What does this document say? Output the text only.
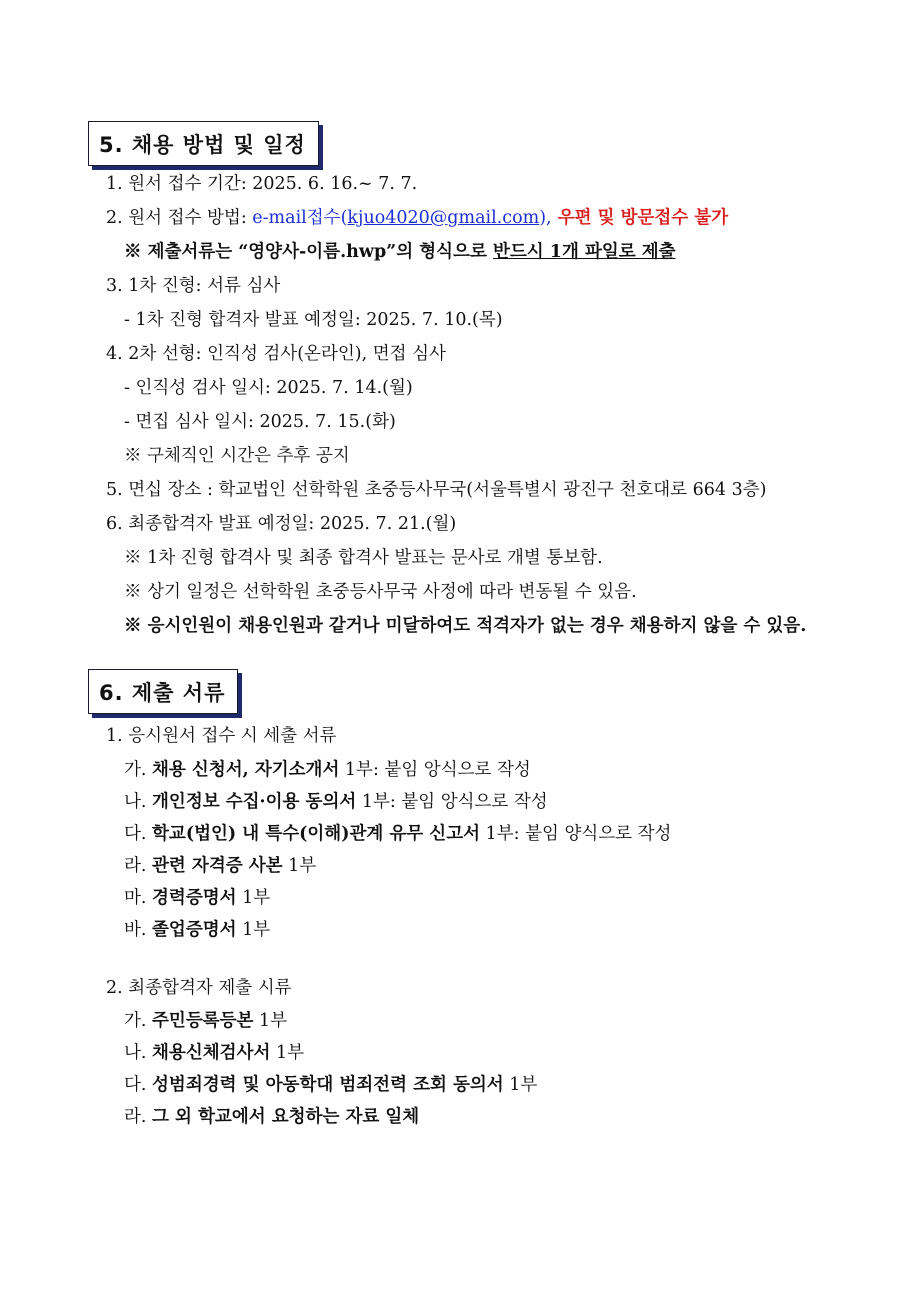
5. 채용 방법 및 일정
1. 원서 접수 기간: 2025. 6. 16.~ 7. 7.
2. 원서 접수 방법: e-mail접수(kjuo4020@gmail.com), 우편 및 방문접수 불가
※ 제출서류는 “영양사-이름.hwp”의 형식으로 반드시 1개 파일로 제출
3. 1차 진형: 서류 심사
- 1차 진형 합격자 발표 예정일: 2025. 7. 10.(목)
4. 2차 선형: 인직성 검사(온라인), 면접 심사
- 인직성 검사 일시: 2025. 7. 14.(월)
- 면집 심사 일시: 2025. 7. 15.(화)
※ 구체직인 시간은 추후 공지
5. 면십 장소 : 학교법인 선학학원 초중등사무국(서울특별시 광진구 천호대로 664 3층)
6. 최종합격자 발표 예정일: 2025. 7. 21.(월)
※ 1차 진형 합격사 및 최종 합격사 발표는 문사로 개별 통보함.
※ 상기 일정은 선학학원 초중등사무국 사정에 따라 변동될 수 있음.
※ 응시인원이 채용인원과 같거나 미달하여도 적격자가 없는 경우 채용하지 않을 수 있음.
6. 제출 서류
1. 응시원서 접수 시 세출 서류
가. 채용 신청서, 자기소개서 1부: 붙임 앙식으로 작성
나. 개인정보 수집·이용 동의서 1부: 붙임 앙식으로 작성
다. 학교(법인) 내 특수(이해)관계 유무 신고서 1부: 붙임 양식으로 작성
라. 관련 자격증 사본 1부
마. 경력증명서 1부
바. 졸업증명서 1부
2. 최종합격자 제출 시류
가. 주민등록등본 1부
나. 채용신체검사서 1부
다. 성범죄경력 및 아동학대 범죄전력 조회 동의서 1부
라. 그 외 학교에서 요청하는 자료 일체
